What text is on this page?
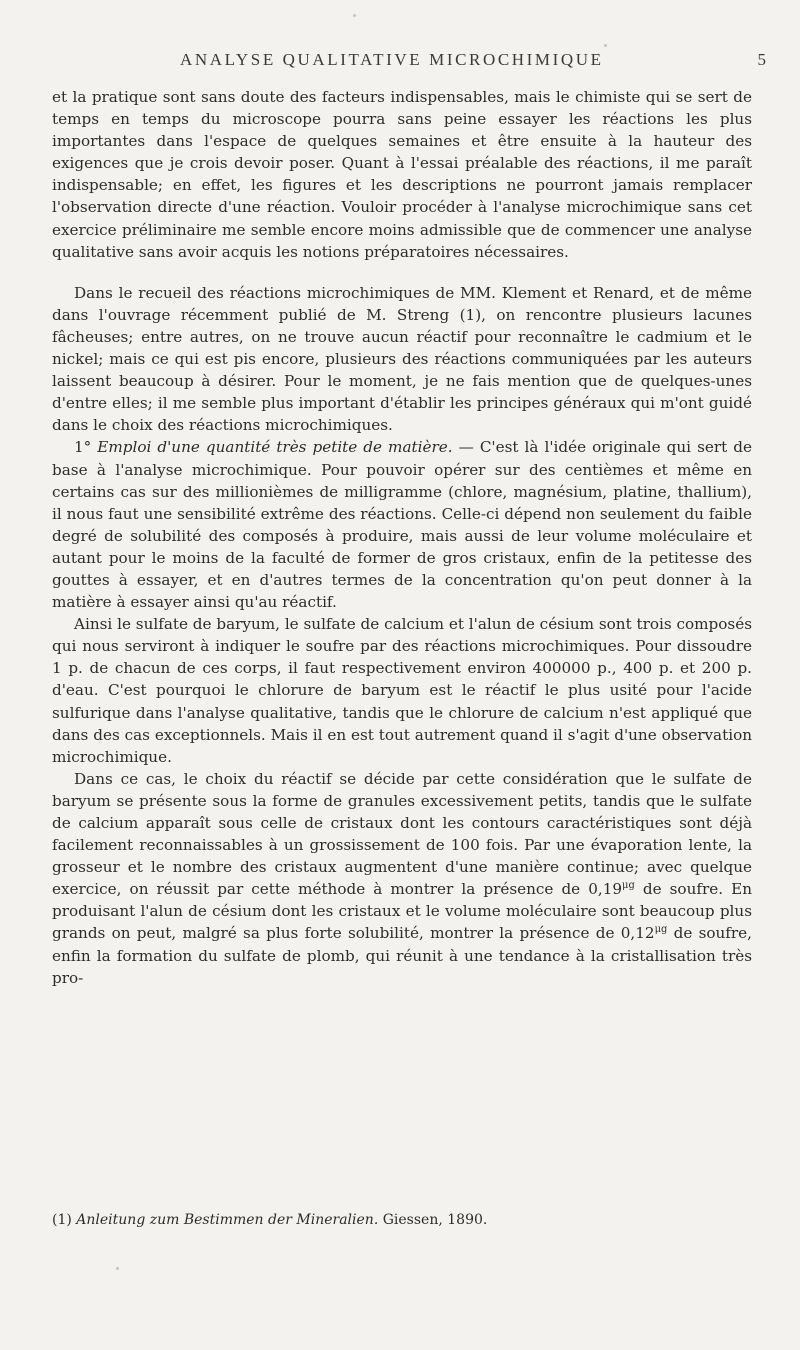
ANALYSE QUALITATIVE MICROCHIMIQUE	5

et la pratique sont sans doute des facteurs indispensables, mais le chimiste qui se sert de temps en temps du microscope pourra sans peine essayer les réactions les plus importantes dans l'espace de quelques semaines et être ensuite à la hauteur des exigences que je crois devoir poser. Quant à l'essai préalable des réactions, il me paraît indispensable; en effet, les figures et les descriptions ne pourront jamais remplacer l'observation directe d'une réaction. Vouloir procéder à l'analyse microchimique sans cet exercice préliminaire me semble encore moins admissible que de commencer une analyse qualitative sans avoir acquis les notions préparatoires nécessaires.

Dans le recueil des réactions microchimiques de MM. Klement et Renard, et de même dans l'ouvrage récemment publié de M. Streng (1), on rencontre plusieurs lacunes fâcheuses; entre autres, on ne trouve aucun réactif pour reconnaître le cadmium et le nickel; mais ce qui est pis encore, plusieurs des réactions communiquées par les auteurs laissent beaucoup à désirer. Pour le moment, je ne fais mention que de quelques-unes d'entre elles; il me semble plus important d'établir les principes généraux qui m'ont guidé dans le choix des réactions microchimiques.

1° Emploi d'une quantité très petite de matière. — C'est là l'idée originale qui sert de base à l'analyse microchimique. Pour pouvoir opérer sur des centièmes et même en certains cas sur des millionièmes de milligramme (chlore, magnésium, platine, thallium), il nous faut une sensibilité extrême des réactions. Celle-ci dépend non seulement du faible degré de solubilité des composés à produire, mais aussi de leur volume moléculaire et autant pour le moins de la faculté de former de gros cristaux, enfin de la petitesse des gouttes à essayer, et en d'autres termes de la concentration qu'on peut donner à la matière à essayer ainsi qu'au réactif.

Ainsi le sulfate de baryum, le sulfate de calcium et l'alun de césium sont trois composés qui nous serviront à indiquer le soufre par des réactions microchimiques. Pour dissoudre 1 p. de chacun de ces corps, il faut respectivement environ 400000 p., 400 p. et 200 p. d'eau. C'est pourquoi le chlorure de baryum est le réactif le plus usité pour l'acide sulfurique dans l'analyse qualitative, tandis que le chlorure de calcium n'est appliqué que dans des cas exceptionnels. Mais il en est tout autrement quand il s'agit d'une observation microchimique.

Dans ce cas, le choix du réactif se décide par cette considération que le sulfate de baryum se présente sous la forme de granules excessivement petits, tandis que le sulfate de calcium apparaît sous celle de cristaux dont les contours caractéristiques sont déjà facilement reconnaissables à un grossissement de 100 fois. Par une évaporation lente, la grosseur et le nombre des cristaux augmentent d'une manière continue; avec quelque exercice, on réussit par cette méthode à montrer la présence de $0,19^{\mu g}$ de soufre. En produisant l'alun de césium dont les cristaux et le volume moléculaire sont beaucoup plus grands on peut, malgré sa plus forte solubilité, montrer la présence de $0,12^{\mu g}$ de soufre, enfin la formation du sulfate de plomb, qui réunit à une tendance à la cristallisation très pro-

(1) Anleitung zum Bestimmen der Mineralien. Giessen, 1890.
